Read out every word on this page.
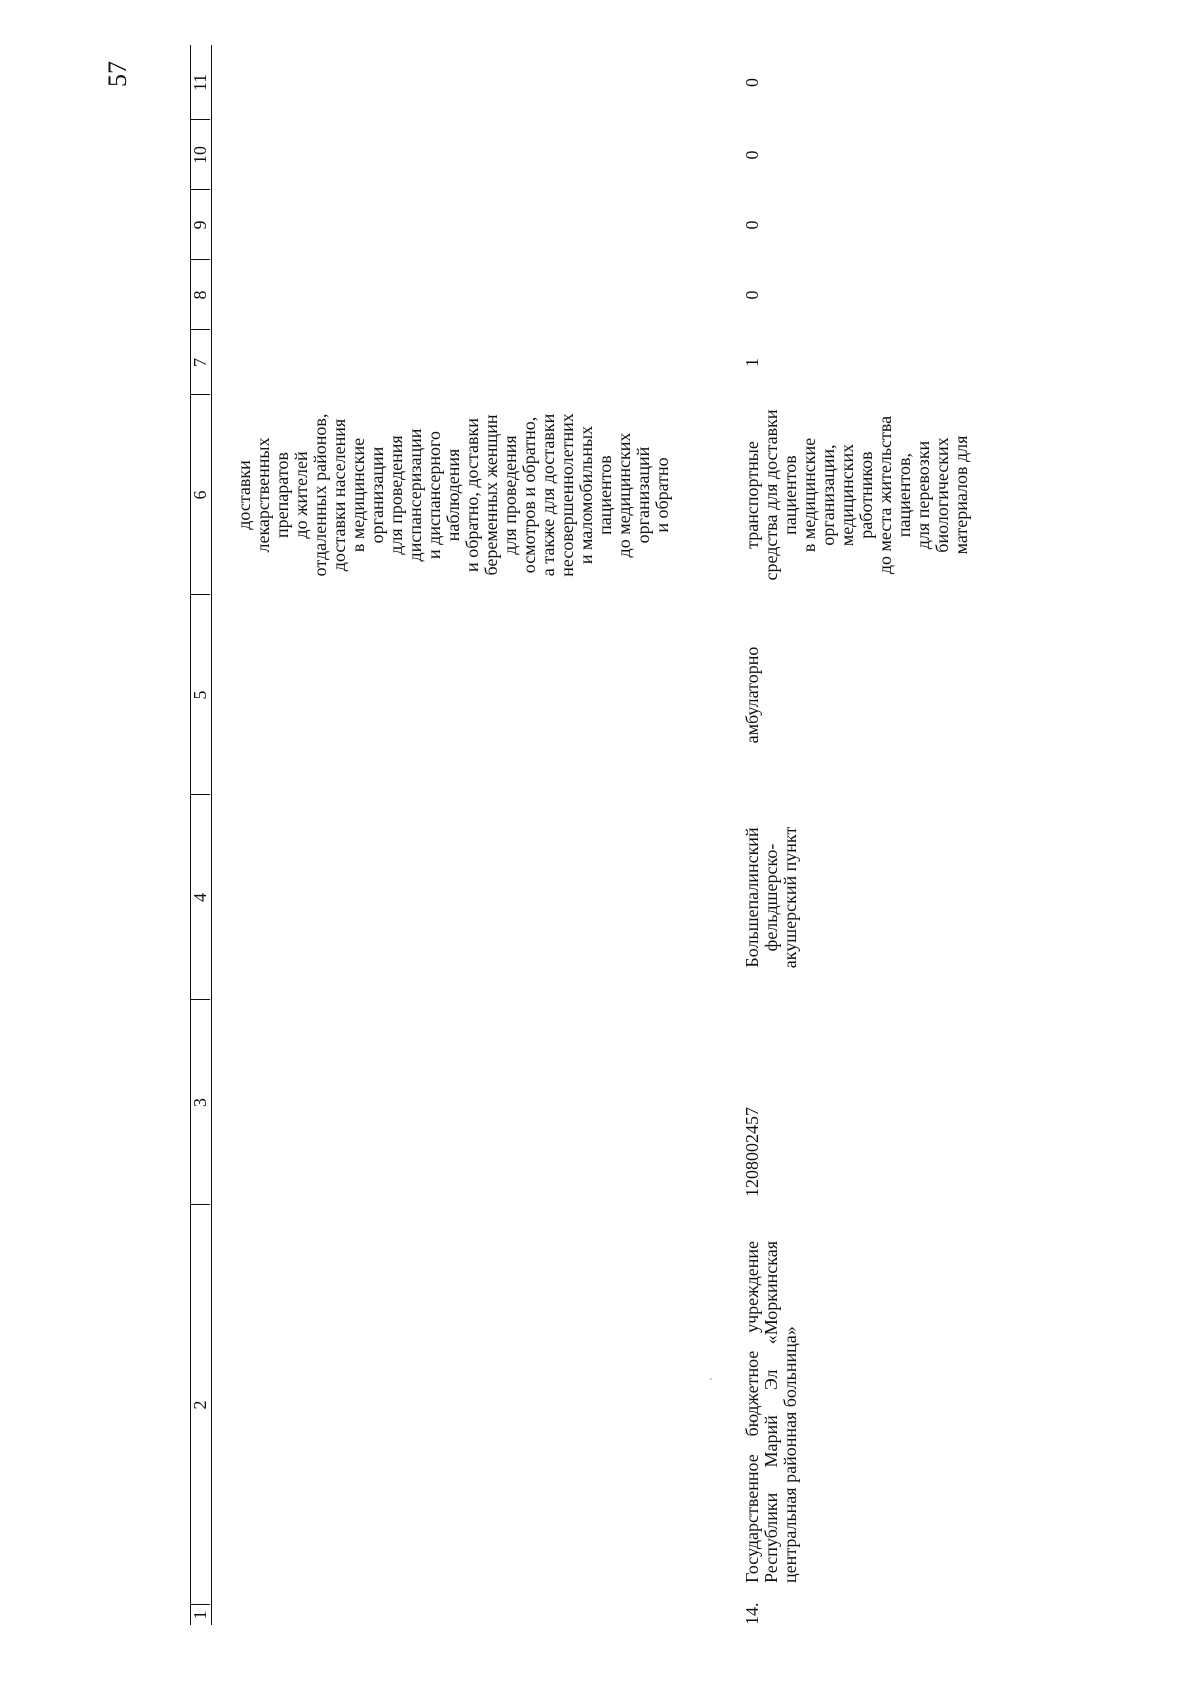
57
1
2
3
4
5
6
7
8
9
10
11
доставки лекарственных препаратов до жителей отдаленных районов, доставки населения в медицинские организации для проведения диспансеризации и диспансерного наблюдения и обратно, доставки беременных женщин для проведения осмотров и обратно, а также для доставки несовершеннолетних и маломобильных пациентов до медицинских организаций и обратно
14.
Государственное бюджетное учреждение Республики Марий Эл «Моркинская центральная районная больница»
1208002457
Большепалинский фельдшерско- акушерский пункт
амбулаторно
транспортные средства для доставки пациентов в медицинские организации, медицинских работников до места жительства пациентов, для перевозки биологических материалов для
1
0
0
0
0
